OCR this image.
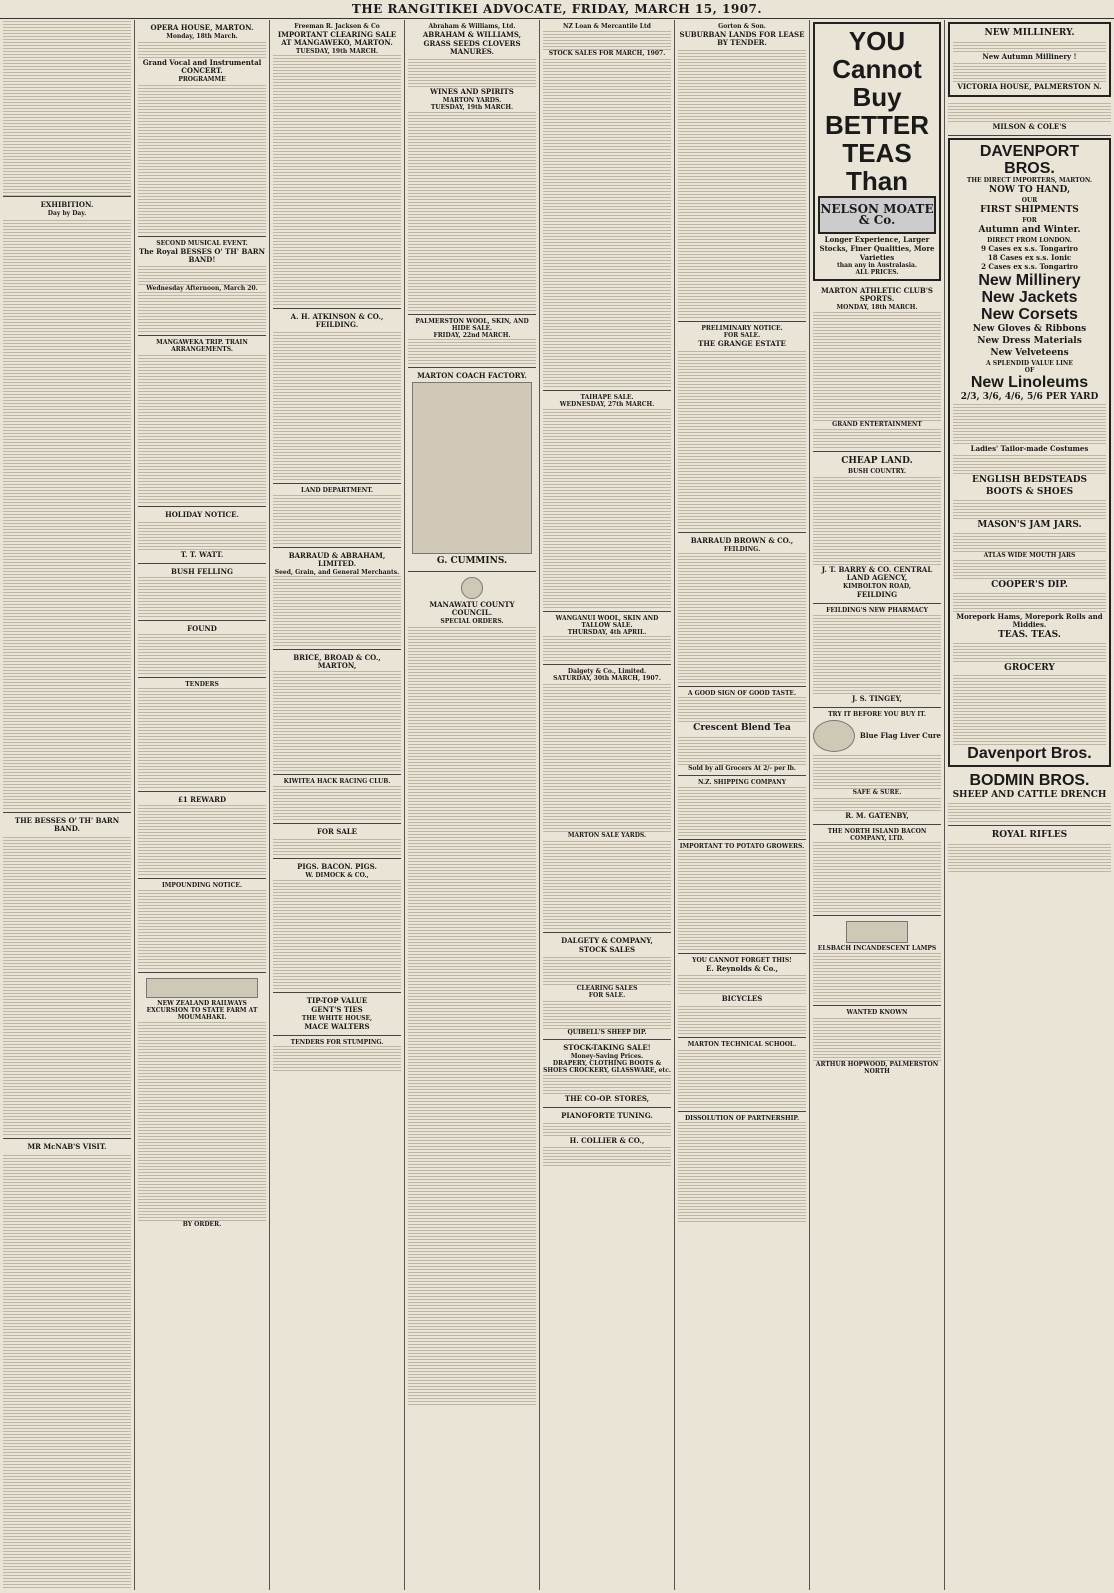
THE RANGITIKEI ADVOCATE, FRIDAY, MARCH 15, 1907.
EXHIBITION.
Day by Day.
THE BESSES O' TH' BARN BAND.
MR McNAB'S VISIT.
OPERA HOUSE, MARTON.
Monday, 18th March.
Grand Vocal and Instrumental CONCERT.
PROGRAMME
SECOND MUSICAL EVENT.
The Royal BESSES O' TH' BARN BAND!
Wednesday Afternoon, March 20.
MANGAWEKA TRIP. TRAIN ARRANGEMENTS.
HOLIDAY NOTICE.
T. T. WATT.
BUSH FELLING
FOUND
TENDERS
£1 REWARD
IMPOUNDING NOTICE.
NEW ZEALAND RAILWAYS
EXCURSION TO STATE FARM AT MOUMAHAKI.
BY ORDER.
Freeman R. Jackson & Co
IMPORTANT CLEARING SALE AT MANGAWEKO, MARTON.
TUESDAY, 19th MARCH.
A. H. ATKINSON & CO., FEILDING.
LAND DEPARTMENT.
BARRAUD & ABRAHAM, LIMITED.
Seed, Grain, and General Merchants.
BRICE, BROAD & CO., MARTON,
KIWITEA HACK RACING CLUB.
FOR SALE
PIGS. BACON. PIGS.
W. DIMOCK & CO.,
TIP-TOP VALUE
GENT'S TIES
THE WHITE HOUSE,
MACE WALTERS
TENDERS FOR STUMPING.
Abraham & Williams, Ltd.
ABRAHAM & WILLIAMS,
GRASS SEEDS CLOVERS MANURES.
WINES AND SPIRITS
MARTON YARDS.
TUESDAY, 19th MARCH.
PALMERSTON WOOL, SKIN, AND HIDE SALE.
FRIDAY, 22nd MARCH.
MARTON COACH FACTORY.
G. CUMMINS.
MANAWATU COUNTY COUNCIL.
SPECIAL ORDERS.
NZ Loan & Mercantile Ltd
STOCK SALES FOR MARCH, 1907.
TAIHAPE SALE.
WEDNESDAY, 27th MARCH.
WANGANUI WOOL, SKIN AND TALLOW SALE.
THURSDAY, 4th APRIL.
Dalgety & Co., Limited.
SATURDAY, 30th MARCH, 1907.
MARTON SALE YARDS.
DALGETY & COMPANY,
STOCK SALES
CLEARING SALES
FOR SALE.
QUIBELL'S SHEEP DIP.
STOCK-TAKING SALE!
Money-Saving Prices.
DRAPERY, CLOTHING BOOTS & SHOES CROCKERY, GLASSWARE, etc.
THE CO-OP. STORES,
PIANOFORTE TUNING.
H. COLLIER & CO.,
Gorton & Son.
SUBURBAN LANDS FOR LEASE BY TENDER.
PRELIMINARY NOTICE.
FOR SALE.
THE GRANGE ESTATE
BARRAUD BROWN & CO.,
FEILDING.
A GOOD SIGN OF GOOD TASTE.
Crescent Blend Tea
Sold by all Grocers At 2/- per lb.
N.Z. SHIPPING COMPANY
IMPORTANT TO POTATO GROWERS.
YOU CANNOT FORGET THIS!
E. Reynolds & Co.,
BICYCLES
MARTON TECHNICAL SCHOOL.
DISSOLUTION OF PARTNERSHIP.
YOU
Cannot
Buy
BETTER
TEAS
Than
NELSON MOATE & Co.
Longer Experience, Larger Stocks, Finer Qualities, More Varieties
than any in Australasia.
ALL PRICES.
MARTON ATHLETIC CLUB'S SPORTS.
MONDAY, 18th MARCH.
GRAND ENTERTAINMENT
CHEAP LAND.
BUSH COUNTRY.
J. T. BARRY & CO. CENTRAL LAND AGENCY,
KIMBOLTON ROAD,
FEILDING
FEILDING'S NEW PHARMACY
J. S. TINGEY,
TRY IT BEFORE YOU BUY IT.
Blue Flag Liver Cure
SAFE & SURE.
R. M. GATENBY,
THE NORTH ISLAND BACON COMPANY, LTD.
ELSBACH INCANDESCENT LAMPS
WANTED KNOWN
ARTHUR HOPWOOD, PALMERSTON NORTH
NEW MILLINERY.
New Autumn Millinery !
VICTORIA HOUSE, PALMERSTON N.
MILSON & COLE'S
DAVENPORT BROS.
THE DIRECT IMPORTERS, MARTON.
NOW TO HAND,
OUR
FIRST SHIPMENTS
FOR
Autumn and Winter.
DIRECT FROM LONDON.
9 Cases ex s.s. Tongariro
18 Cases ex s.s. Ionic
2 Cases ex s.s. Tongariro
New Millinery
New Jackets
New Corsets
New Gloves & Ribbons
New Dress Materials
New Velveteens
A SPLENDID VALUE LINE
OF
New Linoleums
2/3, 3/6, 4/6, 5/6 PER YARD
Ladies' Tailor-made Costumes
ENGLISH BEDSTEADS
BOOTS & SHOES
MASON'S JAM JARS.
ATLAS WIDE MOUTH JARS
COOPER'S DIP.
Morepork Hams, Morepork Rolls and Middies.
TEAS. TEAS.
GROCERY
Davenport Bros.
BODMIN BROS.
SHEEP AND CATTLE DRENCH
ROYAL RIFLES
